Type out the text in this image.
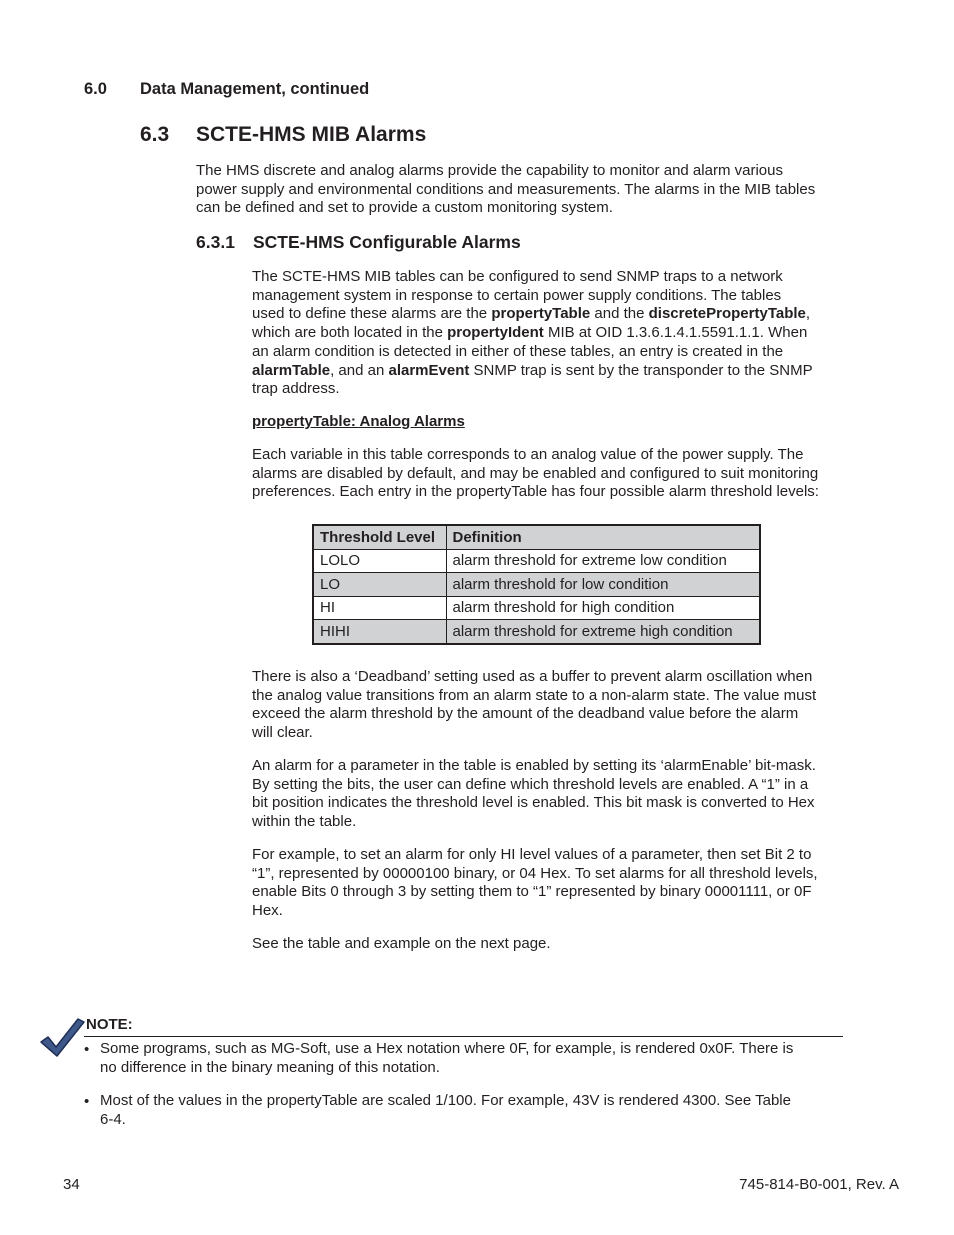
6.0 Data Management, continued
6.3 SCTE-HMS MIB Alarms

The HMS discrete and analog alarms provide the capability to monitor and alarm various

power supply and environmental conditions and measurements. The alarms in the MIB tables

can be defined and set to provide a custom monitoring system.

6.3.1 SCTE-HMS Configurable Alarms

The SCTE-HMS MIB tables can be configured to send SNMP traps to a network

management system in response to certain power supply conditions. The tables

used to define these alarms are the propertyTable and the discretePropertyTable,

which are both located in the propertyIdent MIB at OID 1.3.6.1.4.1.5591.1.1. When

an alarm condition is detected in either of these tables, an entry is created in the

alarmTable, and an alarmEvent SNMP trap is sent by the transponder to the SNMP

trap address.

propertyTable: Analog Alarms

Each variable in this table corresponds to an analog value of the power supply. The

alarms are disabled by default, and may be enabled and configured to suit monitoring

preferences. Each entry in the propertyTable has four possible alarm threshold levels:

Threshold Level	Definition
LOLO	alarm threshold for extreme low condition
LO	alarm threshold for low condition
HI	alarm threshold for high condition
HIHI	alarm threshold for extreme high condition

There is also a ‘Deadband’ setting used as a buffer to prevent alarm oscillation when

the analog value transitions from an alarm state to a non-alarm state. The value must

exceed the alarm threshold by the amount of the deadband value before the alarm

will clear.

An alarm for a parameter in the table is enabled by setting its ‘alarmEnable’ bit-mask.

By setting the bits, the user can define which threshold levels are enabled. A “1” in a

bit position indicates the threshold level is enabled. This bit mask is converted to Hex

within the table.

For example, to set an alarm for only HI level values of a parameter, then set Bit 2 to

“1”, represented by 00000100 binary, or 04 Hex. To set alarms for all threshold levels,

enable Bits 0 through 3 by setting them to “1” represented by binary 00001111, or 0F

Hex.

See the table and example on the next page.
NOTE:
• Some programs, such as MG-Soft, use a Hex notation where 0F, for example, is rendered 0x0F. There is
no difference in the binary meaning of this notation.
• Most of the values in the propertyTable are scaled 1/100. For example, 43V is rendered 4300. See Table
6-4.
34	745-814-B0-001, Rev. A
